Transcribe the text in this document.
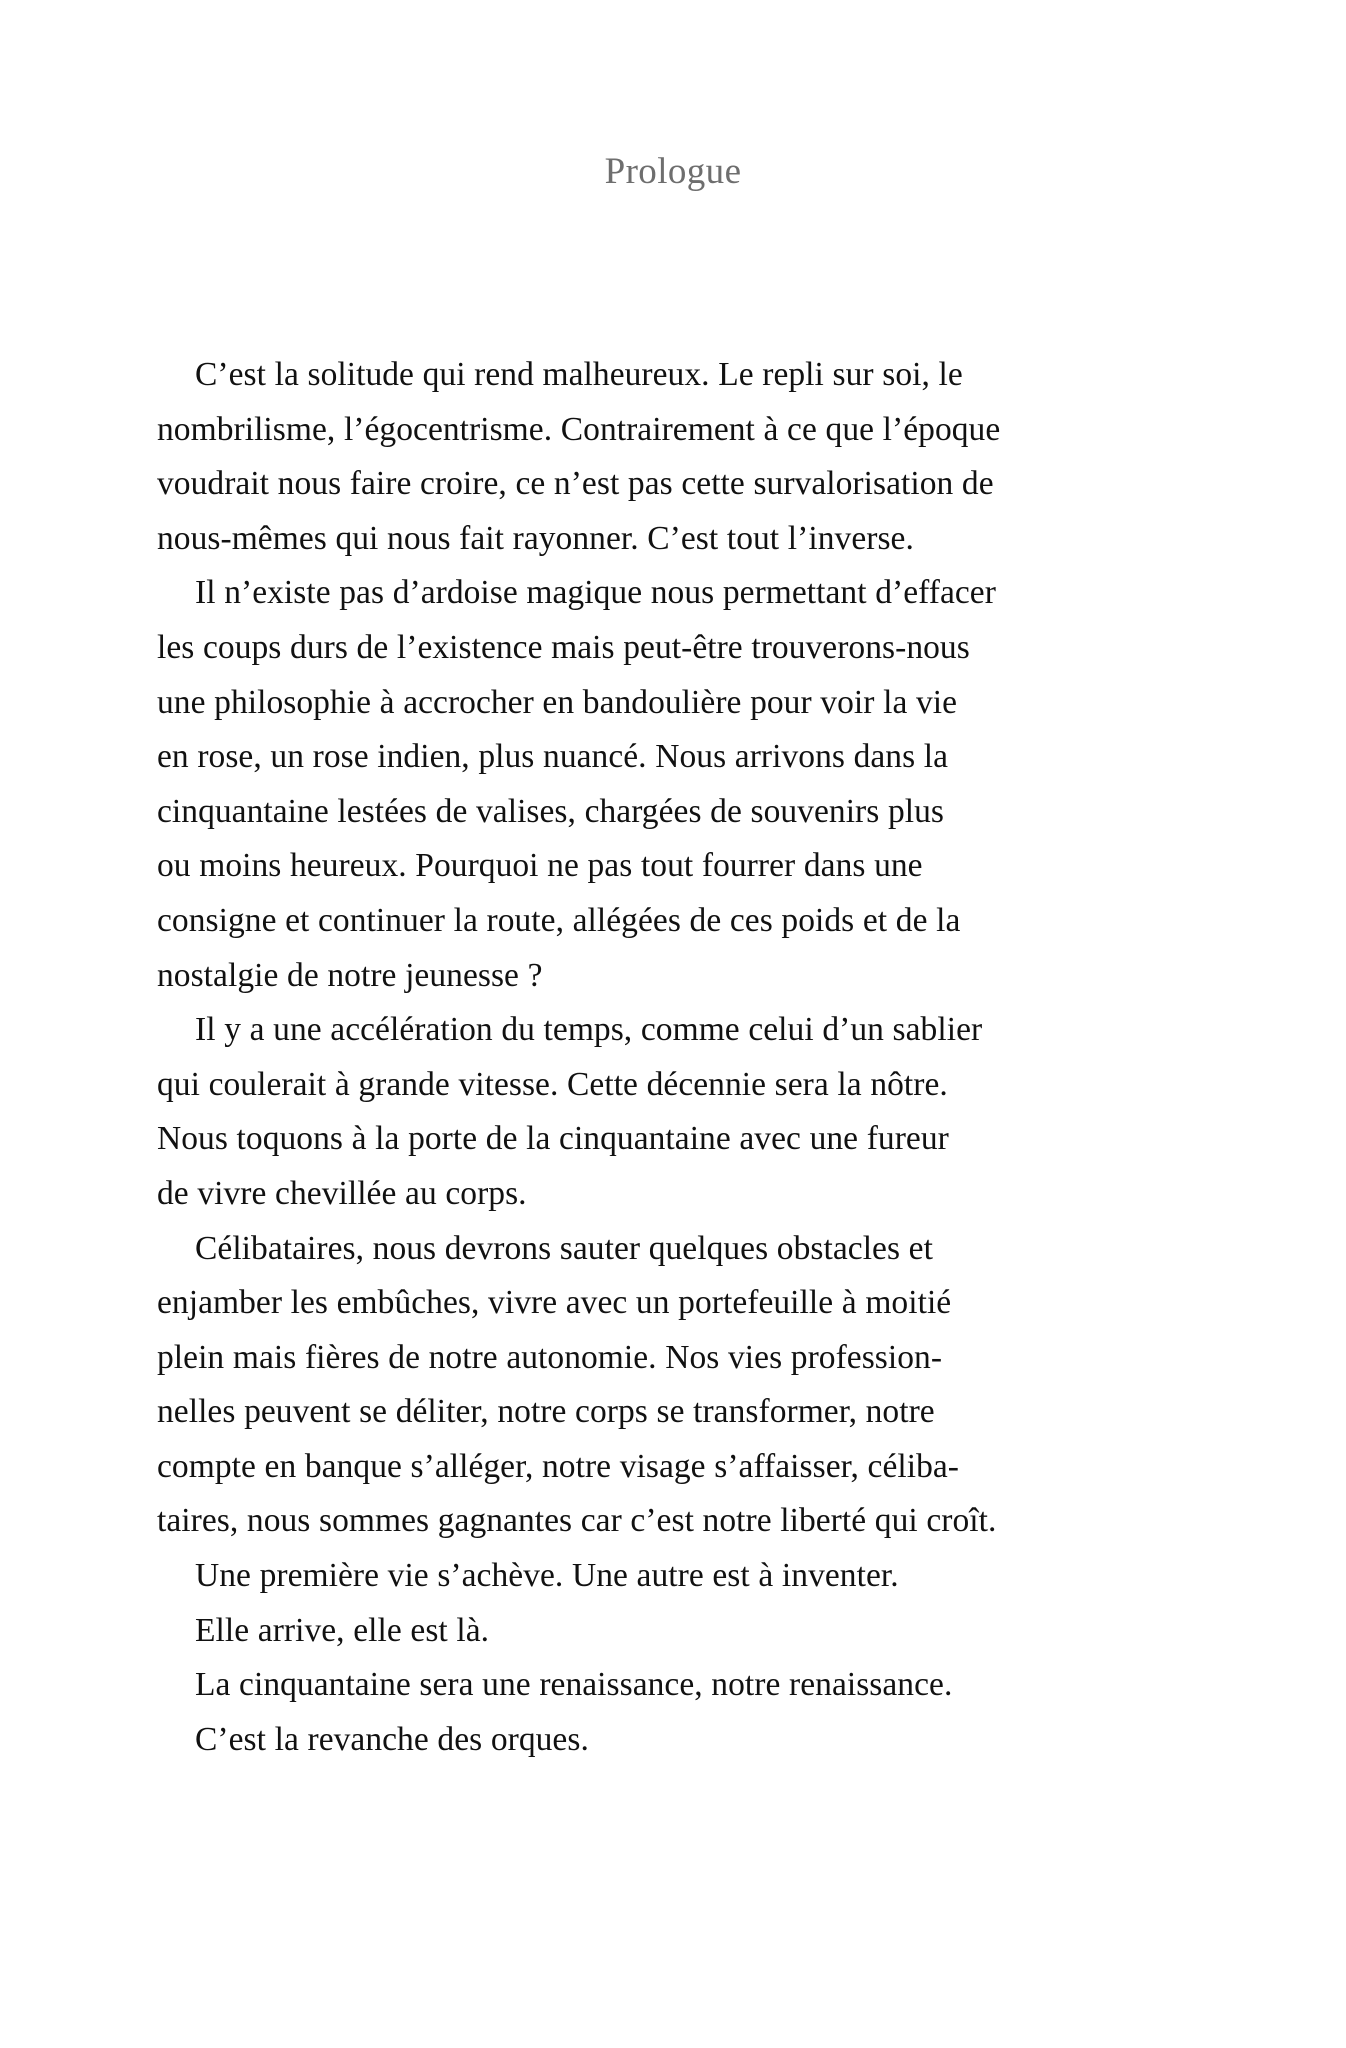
Prologue

C’est la solitude qui rend malheureux. Le repli sur soi, le
nombrilisme, l’égocentrisme. Contrairement à ce que l’époque
voudrait nous faire croire, ce n’est pas cette survalorisation de
nous-mêmes qui nous fait rayonner. C’est tout l’inverse.

Il n’existe pas d’ardoise magique nous permettant d’effacer
les coups durs de l’existence mais peut-être trouverons-nous
une philosophie à accrocher en bandoulière pour voir la vie
en rose, un rose indien, plus nuancé. Nous arrivons dans la
cinquantaine lestées de valises, chargées de souvenirs plus
ou moins heureux. Pourquoi ne pas tout fourrer dans une
consigne et continuer la route, allégées de ces poids et de la
nostalgie de notre jeunesse ?

Il y a une accélération du temps, comme celui d’un sablier
qui coulerait à grande vitesse. Cette décennie sera la nôtre.
Nous toquons à la porte de la cinquantaine avec une fureur
de vivre chevillée au corps.

Célibataires, nous devrons sauter quelques obstacles et
enjamber les embûches, vivre avec un portefeuille à moitié
plein mais fières de notre autonomie. Nos vies profession-
nelles peuvent se déliter, notre corps se transformer, notre
compte en banque s’alléger, notre visage s’affaisser, céliba-
taires, nous sommes gagnantes car c’est notre liberté qui croît.

Une première vie s’achève. Une autre est à inventer.

Elle arrive, elle est là.

La cinquantaine sera une renaissance, notre renaissance.

C’est la revanche des orques.
